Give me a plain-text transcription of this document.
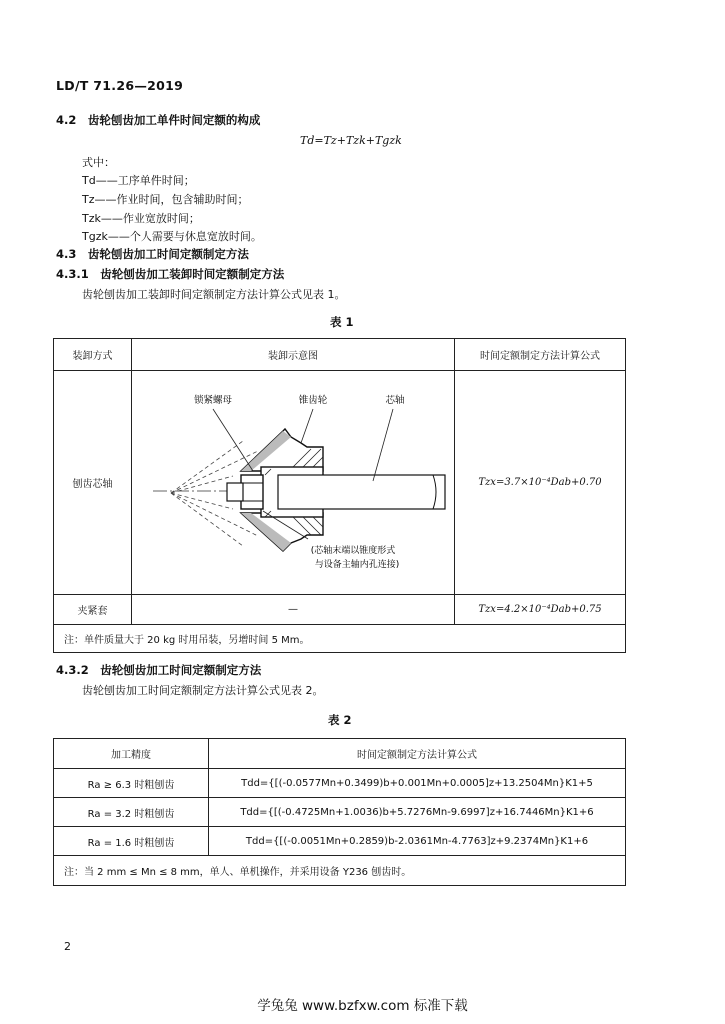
LD/T 71.26—2019
4.2　齿轮刨齿加工单件时间定额的构成
Td=Tz+Tzk+Tgzk
式中：
Td——工序单件时间；
Tz——作业时间，包含辅助时间；
Tzk——作业宽放时间；
Tgzk——个人需要与休息宽放时间。
4.3　齿轮刨齿加工时间定额制定方法
4.3.1　齿轮刨齿加工装卸时间定额制定方法
齿轮刨齿加工装卸时间定额制定方法计算公式见表 1。
表 1
装卸方式	装卸示意图	时间定额制定方法计算公式
刨齿芯轴	锁紧螺母 锥齿轮 芯轴
(芯轴末端以锥度形式
与设备主轴内孔连接)	Tzx=3.7×10⁻⁴Dab+0.70
夹紧套	—	Tzx=4.2×10⁻⁴Dab+0.75
注：单件质量大于 20 kg 时用吊装，另增时间 5 Mm。		
4.3.2　齿轮刨齿加工时间定额制定方法
齿轮刨齿加工时间定额制定方法计算公式见表 2。
表 2
加工精度	时间定额制定方法计算公式
Ra ≥ 6.3 时粗刨齿	Tdd={[(-0.0577Mn+0.3499)b+0.001Mn+0.0005]z+13.2504Mn}K1+5
Ra = 3.2 时粗刨齿	Tdd={[(-0.4725Mn+1.0036)b+5.7276Mn-9.6997]z+16.7446Mn}K1+6
Ra = 1.6 时粗刨齿	Tdd={[(-0.0051Mn+0.2859)b-2.0361Mn-4.7763]z+9.2374Mn}K1+6
注：当 2 mm ≤ Mn ≤ 8 mm，单人、单机操作，并采用设备 Y236 刨齿时。	
2
学兔兔 www.bzfxw.com 标准下载
